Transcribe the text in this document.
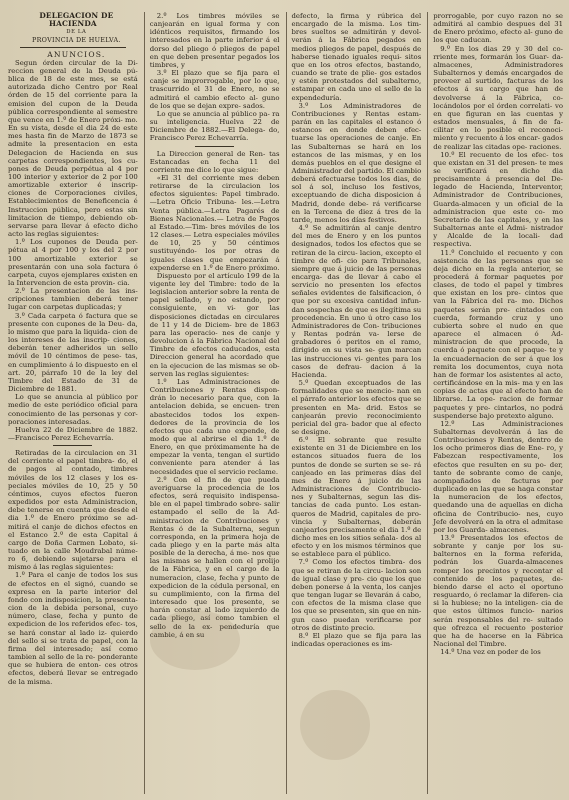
DELEGACION DE HACIENDA

DE LA

PROVINCIA DE HUELVA.

ANUNCIOS.

Segun órden circular de la Di- reccion general de la Deuda pú- blica de 18 de este mes, se está autorizada dicho Centro por Real órden de 15 del corriente para la emision del cupon de la Deuda pública correspondiente al semestre que vence en 1.º de Enero próxi- mo. En su vista, desde el dia 24 de este mes hasta fin de Marzo de 1873 se admite la presentacion en esta Delegacion de Hacienda en sus carpetas correspondientes, los cu- pones de Deuda perpétua al 4 por 100 interior y exterior de 2 por 100 amortizable exterior é inscrip- ciones de Corporaciones civiles, Establecimientos de Beneficencia é Instruccion pública, pero estas sin limitacion de tiempo, debiendo ob- servarse para llevar á efecto dicho acto las reglas siguientes:

1.º Los cupones de Deuda per- pétua al 4 por 100 y los del 2 por 100 amortizable exterior se presentarán con una sola factura ó carpeta, cuyos ejemplares existen en la Intervencion de esta provin- cia.

2.º La presentacion de las ins- cripciones tambien deberá tener lugar con carpetas duplicadas; y

3.º Cada carpeta ó factura que se presente con cupones de la Deu- da, lo mismo que para la liquida- cion de los intereses de las inscrip- ciones, deberán tener adheridos un sello móvil de 10 céntimos de pese- tas, en cumplimiento á lo dispuesto en el art. 20, párrafo 10 de la ley del Timbre del Estado de 31 de Diciembre de 1881.

Lo que se anuncia al público por medio de este periódico oficial para conocimiento de las personas y cor- poraciones interesadas.

Huelva 22 de Diciembre de 1882. —Francisco Perez Echevarría.

Retiradas de la circulacion en 31 del corriente el papel timbra- do, el de pagos al contado, timbres móviles de los 12 clases y los es- peciales móviles de 10, 25 y 50 céntimos, cuyos efectos fueron expedidos por esta Administracion, debe tenerse en cuenta que desde el dia 1.º de Enero próximo se ad- mitirá el canje de dichos efectos en el Estanco 2.º de esta Capital á cargo de Doña Carmen Lobato, si- tuado en la calle Moudrabal núme- ro 6, debiendo sujetarse para el mismo á las reglas siguientes:

1.º Para el canje de todos los sus de efectos en el signó, cuando se expresa en la parte interior del fondo con indisposicion, la presenta- cion de la debida personal, cuyo número, clase, fecha y punto de expedicion de los referidos efec- tos, se hará constar al lado iz- quierdo del sello si se trata de papel, con la firma del interesado; así como tambien al sello de la re- ponderante que se hubiera de enton- ces otros efectos, deberá llevar se entregado de la misma.

2.º Los timbres móviles se canjearán en igual forma y con idénticos requisitos, firmando los interesados en la parte inferior á el dorso del pliego ó pliegos de papel en que deben presentar pegados los timbres, y

3.º El plazo que se fija para el canje se improrrogable, por lo que, trascurrido el 31 de Enero, no se admitirá el cambio efecto al- guno de los que se dejan expre- sados.

Lo que se anuncia al público pa- ra su inteligencia. Huelva 22 de Diciembre de 1882.—El Delega- do, Francisco Perez Echevarría.

La Direccion general de Ren- tas Estancadas en fecha 11 del corriente me dice lo que sigue:

«El 31 del corriente mes deben retirarse de la circulacion los efectos siguientes: Papel timbrado. —Letra Oficio Tribuna- les.—Letra Venta pública.—Letra Pagarés de Bienes Nacionales.— Letra de Pagos al Estado.—Tim- bres móviles de los 12 clases.— Letra especiales móviles de 10, 25 y 50 céntimos sustituyéndo- los por otras de iguales clases que empezarán á expenderse en 1.º de Enero próximo.

Dispuesto por el artículo 199 de la vigente ley del Timbre: todo de la legislacion anterior sobre la renta de papel sellado, y no estando, por consiguiente, en vi- gor las disposiciones dictadas en circulares de 11 y 14 de Diciem- bre de 1863 para las operacio- nes de canje y devolucion á la Fábrica Nacional del Timbre de efectos caducados, esta Direccion general ha acordado que en la ejecucion de las mismas se ob- serven las reglas siguientes:

1.º Las Administraciones de Contribuciones y Rentas dispon- drán lo necesario para que, con la antelacion debida, se encuen- tren abastecidos todos los expen- dedores de la provincia de los efectos que cada uno expende, de modo que al abrirse el dia 1.º de Enero, en que próximamente ha de empezar la venta, tengan el surtido conveniente para atender á las necesidades que el servicio reclame.

2.º Con el fin de que pueda averiguarse la procedencia de los efectos, será requisito indispensa- ble en el papel timbrado sobre- salir estampado el sello de la Ad- ministracion de Contribuciones y Rentas ó de la Subalterna, segun corresponda, en la primera hoja de cada pliego y en la parte más alta posible de la derecha, á me- nos que las mismas se hallen con el prolijo de la Fábrica, y en el cargo de la numeracion, clase, fecha y punto de expedicion de la cédula personal, en su cumplimiento, con la firma del interesado que los presente, se harán constar al lado izquierdo de cada pliego, así como tambien el sello de la ex- pendeduría que cambie, á en su

defecto, la firma y rúbrica del encargado de la misma. Los tim- bres sueltos se admitirán y devol- verán á la Fábrica pegados en medios pliegos de papel, después de haberse tienado iguales requi- sitos que en los otros efectos, bastando, cuando se trate de plie- gos estados y estén protestados del subalterno, estampar en cada uno el sello de la expendeduría.

3.º Los Administradores de Contribuciones y Rentas estam- parán en las capitales el estanco ó estancos en donde deben efec- tuarse las operaciones de canje. En las Subalternas se hará en los estancos de las mismas, y en los demás pueblos en el que designe el Administrador del partido. El cambio deberá efectuarse todos los dias, de sol á sol, incluso los festivos, exceptuando de dicha disposicion á Madrid, donde debe- rá verificarse en la Tercena de diez á tres de la tarde, menos los días festivos.

4.º Se admitirán al canje dentro del mes de Enero y en los puntos designados, todos los efectos que se retiran de la circu- lacion, excepto el timbre de ofi- cio para Tribunales, siempre que á juicio de las personas encarga- das de llevar á cabo el servicio no presenten los efectos señales evidentes de falsificacion, ó que por su excesiva cantidad infun- dan sospechas de que es ilegítima su procedencia. En uno ú otro caso los Administradores de Con- tribuciones y Rentas podrán va- lerse de grabadores ó peritos en el ramo, dirigido en su vista se- gun marcan las instrucciones vi- gentes para los casos de defrau- dacion á la Hacienda.

5.º Quedan exceptuados de las formalidades que se mencio- nan en el párrafo anterior los efectos que se presenten en Ma- drid. Estos se canjearán previo reconocimiento pericial del gra- bador que al efecto se designe.

6.º El sobrante que resulte existente en 31 de Diciembre en los estancos situados fuera de los puntos de donde se surten se se- rá canjeado en las primeras días del mes de Enero á juicio de las Administraciones de Contribucio- nes y Subalternas, segun las dis- tancias de cada punto. Los estan- queros de Madrid, capitales de pro- vincia y Subalternas, deberán canjearlos precisamente el dia 1.º de dicho mes en los sitios señala- dos al efecto y en los mismos términos que se establece para el público.

7.º Como los efectos timbra- dos que se retiran de la circu- lacion son de igual clase y pre- cio que los que deben ponerse á la venta, los canjes que tengan lugar se llevarán á cabo, con efectos de la misma clase que los que se presenten, sin que en nin- gun caso puedan verificarse por otros de distinto precio.

8.º El plazo que se fija para las indicadas operaciones es im-

prorrogable, por cuyo razon no se admitirá al cambio despues del 31 de Enero próximo, efecto al- guno de los que caducan.

9.º En los dias 29 y 30 del co- rriente mes, formarán los Guar- da-almacenes, Administradores Subalternos y demás encargados de proveer al surtido, facturas de los efectos á su cargo que han de devolverse á la Fábrica, co- locándolos por el órden correlati- vo en que figuran en las cuentas y estados mensuales, á fin de fa- cilitar en lo posible el reconoci- miento y recuento á los encar- gados de realizar las citadas ope- raciones.

10.º El recuento de los efec- tos que existan en 31 del presen- te mes se verificará en dicho dia precisamente á presencia del De- legado de Hacienda, Interventor, Administrador de Contribuciones, Guarda-almacen y un oficial de la administracion que este co- mo Secretario de las capitales, y en las Subalternas ante el Admi- nistrador y Alcalde de la locali- dad respectiva.

11.º Concluido el recuento y con asistencia de las personas que se deja dicho en la regla anterior, se procederá á formar paquetes por clases, de todo el papel y timbres que existan en los pre- cintos que van la Fábrica del ra- mo. Dichos paquetes serán pre- cintados con cuerda, formando cruz y uno cubierta sobre el nudo en que aparece el almacen ó Ad- ministracion de que procede, la cuerda ó paquete con el paque- te y la encuadernacion de ser á que los remita los documentos, cuya nota han de formar los asistentes al acto, certificándose en la mis- ma y en las copias de actas que al efecto han de librarse. La ope- racion de formar paquetes y pre- cintarlos, no podrá suspenderse bajo pretexto alguno.

12.º Las Administraciones Subalternas devolverán á las de Contribuciones y Rentas, dentro de los ocho primeros dias de Ene- ro, y Fabezcan respectivamente, los efectos que resulten en su po- der, tanto de sobrante como de canje, acompañados de facturas por duplicado en las que se haga constar la numeracion de los efectos, quedando una de aquellas en dicha oficina de Contribucio- nes, cuyo Jefe devolverá en la otra el admitase por los Guarda- almacenes.

13.º Presentados los efectos de sobrante y canje por los su- balternos en la forma referida, podrán los Guarda-almacenes romper los precintos y recontar el contenido de los paquetes, de- biendo darse el acto el oportuno resguardo, ó reclamar la diferen- cia si la hubiese; no la inteligen- cia de que estos últimos funcio- narios serán responsables del re- sultado que ofrezca el recuento posterior que ha de hacerse en la Fábrica Nacional del Timbre.

14.º Una vez en poder de los
